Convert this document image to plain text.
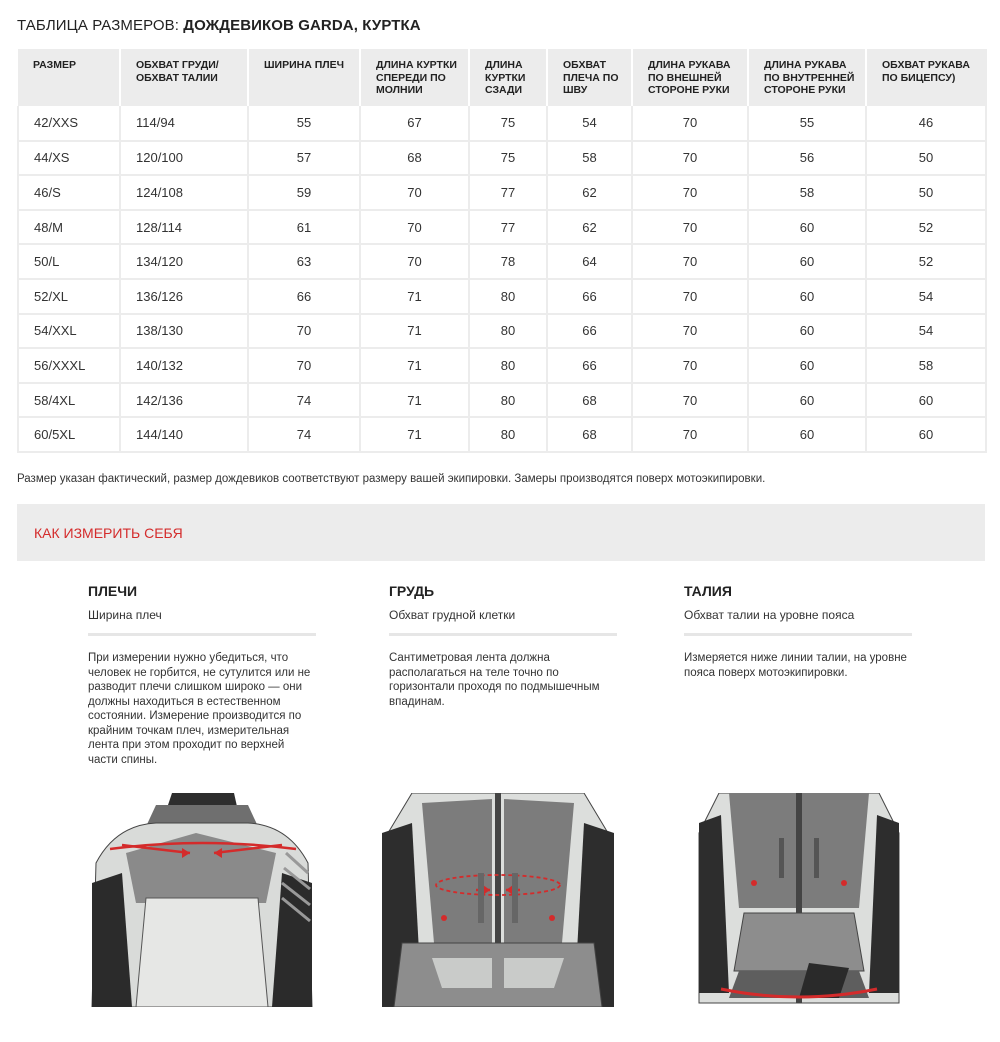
ТАБЛИЦА РАЗМЕРОВ: ДОЖДЕВИКОВ GARDA, КУРТКА
РАЗМЕР	ОБХВАТ ГРУДИ/ ОБХВАТ ТАЛИИ	ШИРИНА ПЛЕЧ	ДЛИНА КУРТКИ СПЕРЕДИ ПО МОЛНИИ	ДЛИНА КУРТКИ СЗАДИ	ОБХВАТ ПЛЕЧА ПО ШВУ	ДЛИНА РУКАВА ПО ВНЕШНЕЙ СТОРОНЕ РУКИ	ДЛИНА РУКАВА ПО ВНУТРЕННЕЙ СТОРОНЕ РУКИ	ОБХВАТ РУКАВА ПО БИЦЕПСУ)
42/XXS	114/94	55	67	75	54	70	55	46
44/XS	120/100	57	68	75	58	70	56	50
46/S	124/108	59	70	77	62	70	58	50
48/M	128/114	61	70	77	62	70	60	52
50/L	134/120	63	70	78	64	70	60	52
52/XL	136/126	66	71	80	66	70	60	54
54/XXL	138/130	70	71	80	66	70	60	54
56/XXXL	140/132	70	71	80	66	70	60	58
58/4XL	142/136	74	71	80	68	70	60	60
60/5XL	144/140	74	71	80	68	70	60	60
Размер указан фактический, размер дождевиков соответствуют размеру вашей экипировки. Замеры производятся поверх мотоэкипировки.
КАК ИЗМЕРИТЬ СЕБЯ
ПЛЕЧИ
Ширина плеч

При измерении нужно убедиться, что человек не горбится, не сутулится или не разводит плечи слишком широко — они должны находиться в естественном состоянии. Измерение производится по крайним точкам плеч, измерительная лента при этом проходит по верхней части спины.

ГРУДЬ
Обхват грудной клетки

Сантиметровая лента должна располагаться на теле точно по горизонтали проходя по подмышечным впадинам.

ТАЛИЯ
Обхват талии на уровне пояса

Измеряется ниже линии талии, на уровне пояса поверх мотоэкипировки.
